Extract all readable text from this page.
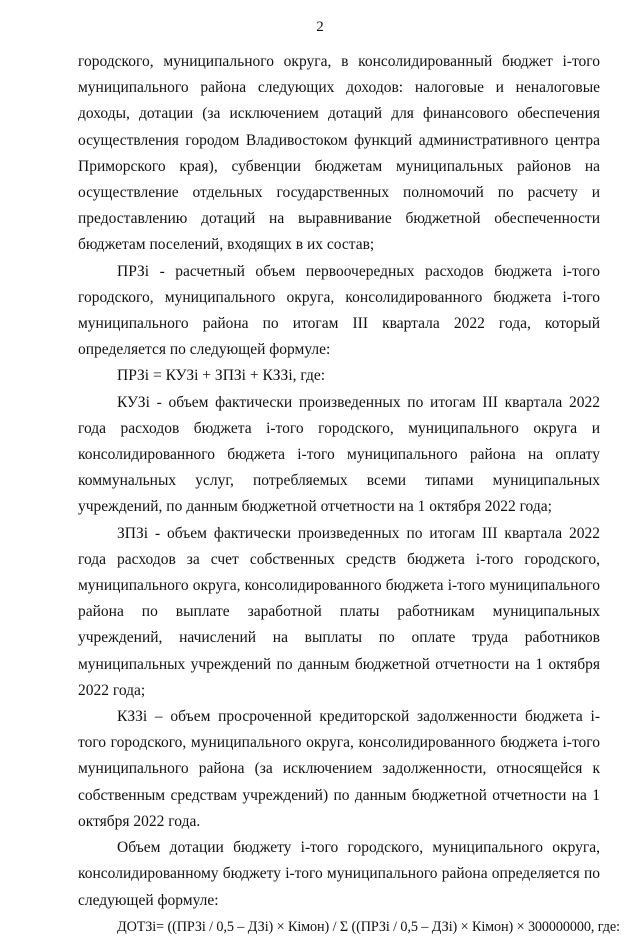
2

городского, муниципального округа, в консолидированный бюджет i-того муниципального района следующих доходов: налоговые и неналоговые доходы, дотации (за исключением дотаций для финансового обеспечения осуществления городом Владивостоком функций административного центра Приморского края), субвенции бюджетам муниципальных районов на осуществление отдельных государственных полномочий по расчету и предоставлению дотаций на выравнивание бюджетной обеспеченности бюджетам поселений, входящих в их состав;

ПРЗi - расчетный объем первоочередных расходов бюджета i-того городского, муниципального округа, консолидированного бюджета i-того муниципального района по итогам III квартала 2022 года, который определяется по следующей формуле:

ПРЗi = КУЗi + ЗПЗi + КЗЗi, где:

КУЗi - объем фактически произведенных по итогам III квартала 2022 года расходов бюджета i-того городского, муниципального округа и консолидированного бюджета i-того муниципального района на оплату коммунальных услуг, потребляемых всеми типами муниципальных учреждений, по данным бюджетной отчетности на 1 октября 2022 года;

ЗПЗi - объем фактически произведенных по итогам III квартала 2022 года расходов за счет собственных средств бюджета i-того городского, муниципального округа, консолидированного бюджета i-того муниципального района по выплате заработной платы работникам муниципальных учреждений, начислений на выплаты по оплате труда работников муниципальных учреждений по данным бюджетной отчетности на 1 октября 2022 года;

КЗЗi – объем просроченной кредиторской задолженности бюджета i-того городского, муниципального округа, консолидированного бюджета i-того муниципального района (за исключением задолженности, относящейся к собственным средствам учреждений) по данным бюджетной отчетности на 1 октября 2022 года.

Объем дотации бюджету i-того городского, муниципального округа, консолидированному бюджету i-того муниципального района определяется по следующей формуле:

ДОТЗi= ((ПРЗi / 0,5 – ДЗi) × Кiмон) / Σ ((ПРЗi / 0,5 – ДЗi) × Кiмон) × 300000000, где:
